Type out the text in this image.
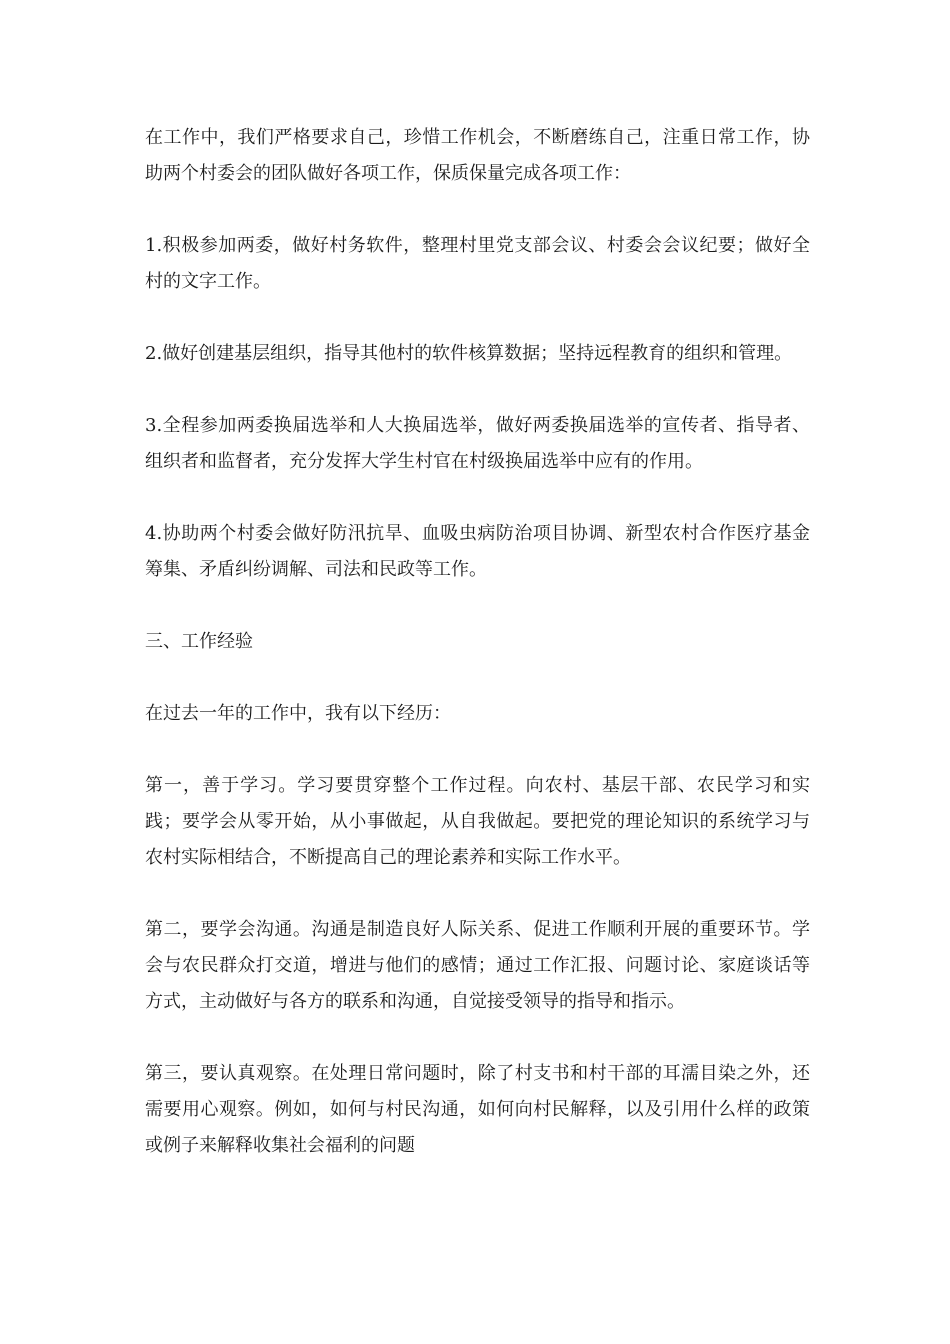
在工作中，我们严格要求自己，珍惜工作机会，不断磨练自己，注重日常工作，协助两个村委会的团队做好各项工作，保质保量完成各项工作：

1.积极参加两委，做好村务软件，整理村里党支部会议、村委会会议纪要；做好全村的文字工作。

2.做好创建基层组织，指导其他村的软件核算数据；坚持远程教育的组织和管理。

3.全程参加两委换届选举和人大换届选举，做好两委换届选举的宣传者、指导者、组织者和监督者，充分发挥大学生村官在村级换届选举中应有的作用。

4.协助两个村委会做好防汛抗旱、血吸虫病防治项目协调、新型农村合作医疗基金筹集、矛盾纠纷调解、司法和民政等工作。

三、工作经验

在过去一年的工作中，我有以下经历：

第一，善于学习。学习要贯穿整个工作过程。向农村、基层干部、农民学习和实践；要学会从零开始，从小事做起，从自我做起。要把党的理论知识的系统学习与农村实际相结合，不断提高自己的理论素养和实际工作水平。

第二，要学会沟通。沟通是制造良好人际关系、促进工作顺利开展的重要环节。学会与农民群众打交道，增进与他们的感情；通过工作汇报、问题讨论、家庭谈话等方式，主动做好与各方的联系和沟通，自觉接受领导的指导和指示。

第三，要认真观察。在处理日常问题时，除了村支书和村干部的耳濡目染之外，还需要用心观察。例如，如何与村民沟通，如何向村民解释，以及引用什么样的政策或例子来解释收集社会福利的问题
